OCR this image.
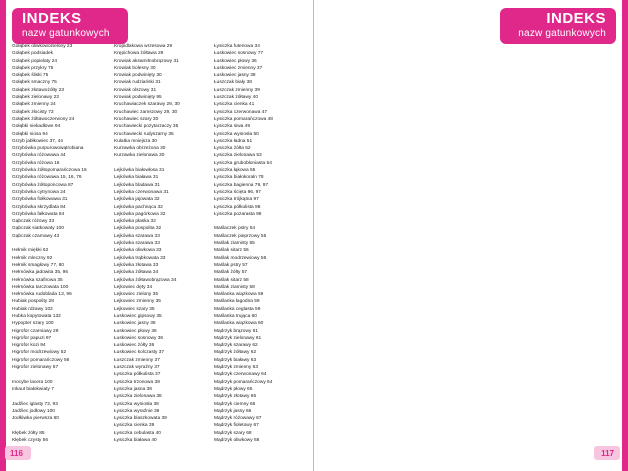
INDEKS
nazw gatunkowych
Gołąbek oliwkowozielony 23
Gołąbek podsiadek
Gołąbek popielaty 24
Gołąbek przykry 75
Gołąbek śliski 75
Gołąbek smaczny 75
Gołąbek złotawożółty 23
Gołąbek zielonawy 23
Gołąbek zmienny 24
Gołąbek złocisty 73
Gołąbek żółtawoczerwony 24
Gołąbki niekadłowe 94
Gołąbki niosa 94
Grzyb jabłkowiec 37, 44
Grzybówka purpurowowątrobiana
Grzybówka różowawa 44
Grzybówka różowa 16
Grzybówka żółtopomarańczowa 16
Grzybówka różowawa 15, 16, 76
Grzybówka żółtoponcowa 87
Grzybówka cytrynowa 24
Grzybówka fiołkowawa 31
Grzybówka skrzydlata 84
Grzybówka fałkowata 84
Gąbczak różowy 33
Gąbczak siatkowaty 100
Gąbczak czarnawy 43

Hełmik miękki 62
Hełmik mleczny 92
Hełmik smagłowy 77, 80
Hełmówka jadowita 35, 96
Hełmówka szafirowa 35
Hełmówka tarczowata 100
Hełmówka rudoblada 13, 96
Hubiak pospolity 28
Hubiak rdzawy 102
Hubka kopytowata 132
Hypopter szary 100
Higrofor czarniawy 29
Higrofor papuzi 97
Higrofor kozi 94
Higrofor modrzewiowy 52
Higrofor pomarańczowy 56
Higrofor zielonawy 57

Inocybe lacera 100
Inkaut białokwiaty 7

Jadźiec iglasty 72, 93
Jadźiec jodłowy 100
Jodłówka pierwsza 60

Kłębek żółty 85
Kłębek czysty 56
Kropidlakowa wrzesowa 29
Krępichowa żółtawa 29
Krowiak aksamitnobrązowy 31
Krowiak bolesny 30
Krowiak podwinięty 30
Krowiak rudziański 31
Krowiak olszowy 31
Krowiak podwinięty 95
Kruchawiaczek szarawy 29, 30
Kruchawiec zamszowy 29, 30
Kruchawiec szary 30
Kruchawiecki pozytarzaczy 35
Kruchawiecki rudyszarny 35
Kulatka mniejsza 30
Kurzawka obrzeżona 30
Kurzawka zielonawa 30

Lejkówka białowłosa 31
Lejkówka biaława 31
Lejkówka bladawa 31
Lejkówka czerwonawa 31
Lejkówka jajowata 32
Lejkówka pachnąca 32
Lejkówka pagórkowa 32
Lejkówka płaska 32
Lejkówka pospolita 32
Lejkówka szarawa 33
Lejkówka szarawa 33
Lejkówka oliwkowa 33
Lejkówka trąbkowata 33
Lejkówka złotawa 33
Lejkówka żółtawa 34
Lejkówka żółtawobrązowa 34
Lejkowiec dęty 34
Lejkowiec zielony 35
Lejkowiec zmienny 35
Lejkowiec szary 35
Łuskowiec gipsowy 35
Łuskowiec jasny 36
Łuskowiec płowy 36
Łuskowiec sosnowy 36
Łuskowiec żółty 36
Łuskowiec kolczasty 37
Łuszczak zmienny 37
Łuszczak wyraźny 37
Łysiczka półkulista 37
Łysiczka trzonowa 38
Łysiczka jasna 38
Łysiczka zielonawa 38
Łysiczka wyniosła 38
Łysiczka wyraźnie 39
Łysiczka blaszkowata 39
Łysiczka cienka 39
Łysiczka cebulasta 40
Łysiczka biaława 40
Łysiczka futeriowa 34
Łuskowiec sosnowy 77
Łuskowiec płowy 36
Łuskowiec zmienny 37
Łuskowiec jasny 38
Łuszczak biały 38
Łuszczak zmienny 39
Łuszczak żółtawy 40
Łysiczka cienka 41
Łysiczka czerwonawa 47
Łysiczka pomarańczowa 48
Łysiczka siwa 49
Łysiczka wyniosła 50
Łysiczka ładna 51
Łysiczka żółta 52
Łysiczka zielonawa 53
Łysiczka grubobłoniasta 54
Łysiczka łąkowa 55
Łysiczka białokoraln 78
Łysiczka bagienna 79, 97
Łysiczka ścięta 96, 97
Łysiczka trójkątna 97
Łysiczka półkulista 98
Łysiczka pozarasta 98

Maślaczek pstry 54
Maślaczek pieprzowy 55
Maślak ziarnisty 55
Maślak sitarz 56
Maślak modrzewiowy 56
Maślak pstry 57
Maślak żółty 57
Maślak sitarz 58
Maślak ziarnisty 58
Maślanka wiązkowa 59
Maślanka łagodna 59
Maślanka ceglasta 59
Maślanka trująca 60
Maślanka wiązkowa 60
Mądrzyk brązowy 61
Mądrzyk zielonawy 61
Mądrzyk szarawy 62
Mądrzyk żółtawy 62
Mądrzyk białawy 63
Mądrzyk zmienny 63
Mądrzyk czerwonawy 64
Mądrzyk pomarańczowy 64
Mądrzyk płowy 65
Mądrzyk złotawy 65
Mądrzyk ciemny 66
Mądrzyk jasny 66
Mądrzyk różowawy 67
Mądrzyk fioletowy 67
Mądrzyk szary 68
Mądrzyk oliwkowy 68
116
INDEKS
nazw gatunkowych

117
